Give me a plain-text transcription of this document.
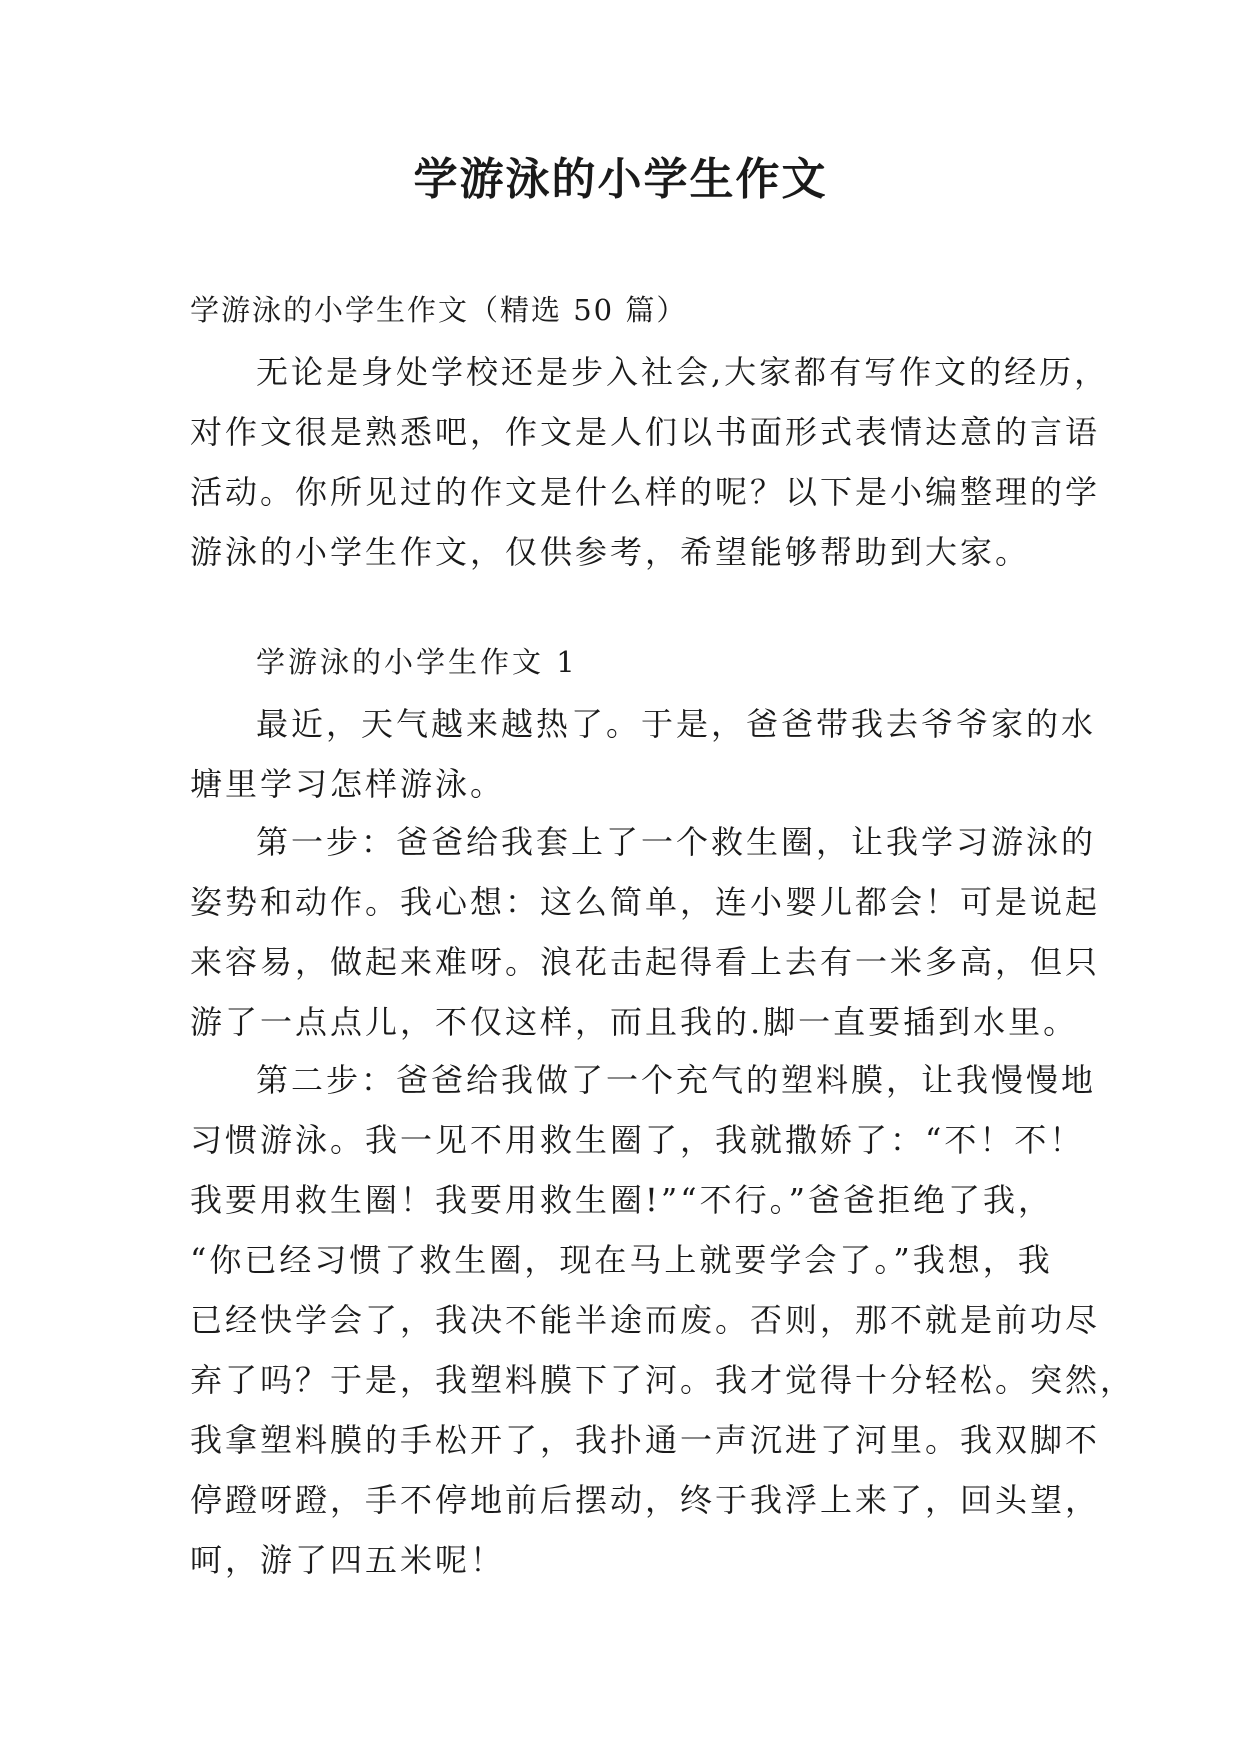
学游泳的小学生作文
学游泳的小学生作文（精选 50 篇）
无论是身处学校还是步入社会,大家都有写作文的经历，
对作文很是熟悉吧，作文是人们以书面形式表情达意的言语
活动。你所见过的作文是什么样的呢？以下是小编整理的学
游泳的小学生作文，仅供参考，希望能够帮助到大家。
学游泳的小学生作文 1
最近，天气越来越热了。于是，爸爸带我去爷爷家的水
塘里学习怎样游泳。
第一步：爸爸给我套上了一个救生圈，让我学习游泳的
姿势和动作。我心想：这么简单，连小婴儿都会！可是说起
来容易，做起来难呀。浪花击起得看上去有一米多高，但只
游了一点点儿，不仅这样，而且我的.脚一直要插到水里。
第二步：爸爸给我做了一个充气的塑料膜，让我慢慢地
习惯游泳。我一见不用救生圈了，我就撒娇了：“不！不！
我要用救生圈！我要用救生圈!”“不行。”爸爸拒绝了我，
“你已经习惯了救生圈，现在马上就要学会了。”我想，我
已经快学会了，我决不能半途而废。否则，那不就是前功尽
弃了吗？于是，我塑料膜下了河。我才觉得十分轻松。突然，
我拿塑料膜的手松开了，我扑通一声沉进了河里。我双脚不
停蹬呀蹬，手不停地前后摆动，终于我浮上来了，回头望，
呵，游了四五米呢！
